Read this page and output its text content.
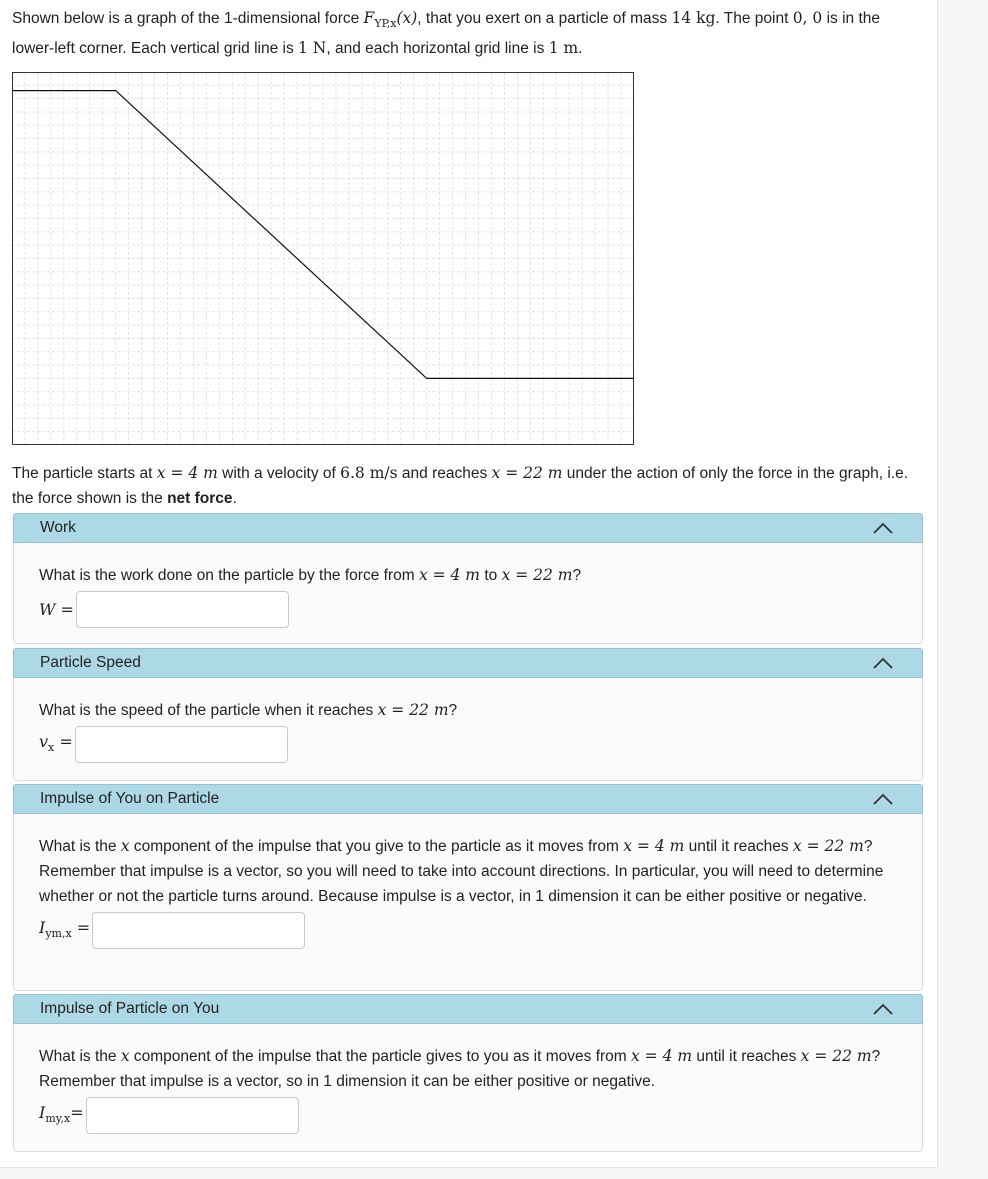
Shown below is a graph of the 1-dimensional force $F_{YP,x}(x)$, that you exert on a particle of mass 14 kg. The point 0, 0 is in the lower-left corner. Each vertical grid line is 1 N, and each horizontal grid line is 1 m.
The particle starts at x = 4 m with a velocity of 6.8 m/s and reaches x = 22 m under the action of only the force in the graph, i.e. the force shown is the net force.
Work
What is the work done on the particle by the force from x = 4 m to x = 22 m?
W =
Particle Speed
What is the speed of the particle when it reaches x = 22 m?
$v_x$ =
Impulse of You on Particle
What is the x component of the impulse that you give to the particle as it moves from x = 4 m until it reaches x = 22 m? Remember that impulse is a vector, so you will need to take into account directions. In particular, you will need to determine whether or not the particle turns around. Because impulse is a vector, in 1 dimension it can be either positive or negative.
$I_{ym,x}$ =
Impulse of Particle on You
What is the x component of the impulse that the particle gives to you as it moves from x = 4 m until it reaches x = 22 m? Remember that impulse is a vector, so in 1 dimension it can be either positive or negative.
$I_{my,x}=$
